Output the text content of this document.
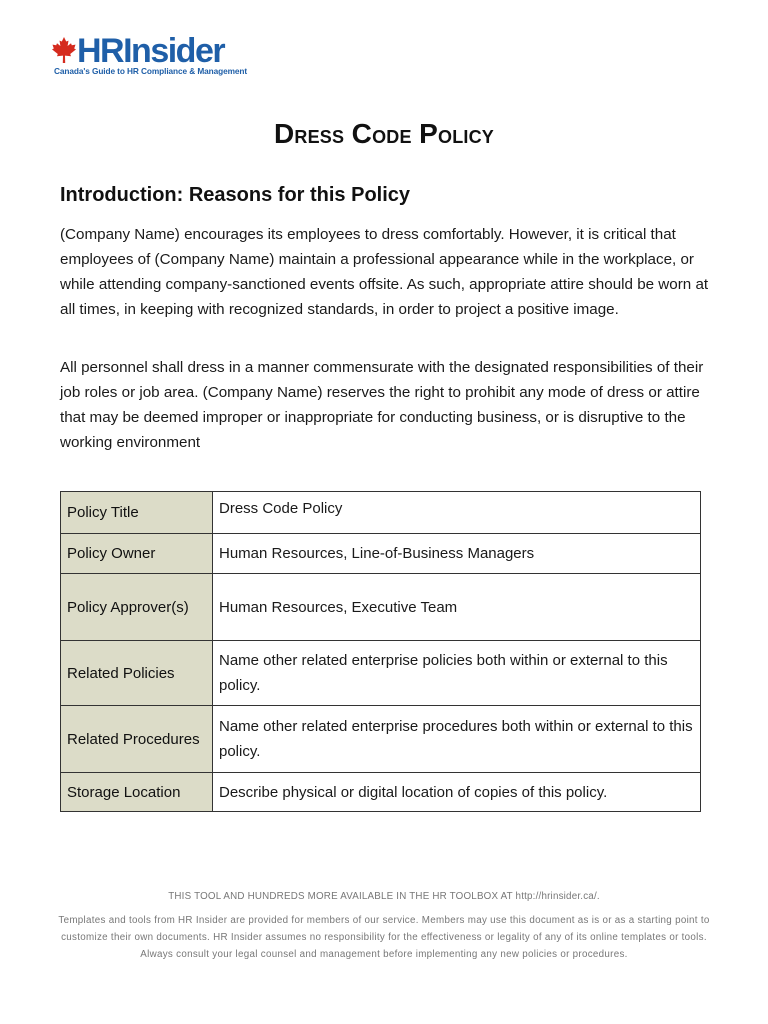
HR Insider
Canada's Guide to HR Compliance & Management
Dress Code Policy
Introduction: Reasons for this Policy

(Company Name) encourages its employees to dress comfortably. However, it is critical that employees of (Company Name) maintain a professional appearance while in the workplace, or while attending company-sanctioned events offsite. As such, appropriate attire should be worn at all times, in keeping with recognized standards, in order to project a positive image.

All personnel shall dress in a manner commensurate with the designated responsibilities of their job roles or job area. (Company Name) reserves the right to prohibit any mode of dress or attire that may be deemed improper or inappropriate for conducting business, or is disruptive to the working environment

Policy Title	Dress Code Policy
Policy Owner	Human Resources, Line-of-Business Managers
Policy Approver(s)	Human Resources, Executive Team
Related Policies	Name other related enterprise policies both within or external to this policy.
Related Procedures	Name other related enterprise procedures both within or external to this policy.
Storage Location	Describe physical or digital location of copies of this policy.

THIS TOOL AND HUNDREDS MORE AVAILABLE IN THE HR TOOLBOX AT http://hrinsider.ca/.

Templates and tools from HR Insider are provided for members of our service. Members may use this document as is or as a starting point to customize their own documents. HR Insider assumes no responsibility for the effectiveness or legality of any of its online templates or tools. Always consult your legal counsel and management before implementing any new policies or procedures.
